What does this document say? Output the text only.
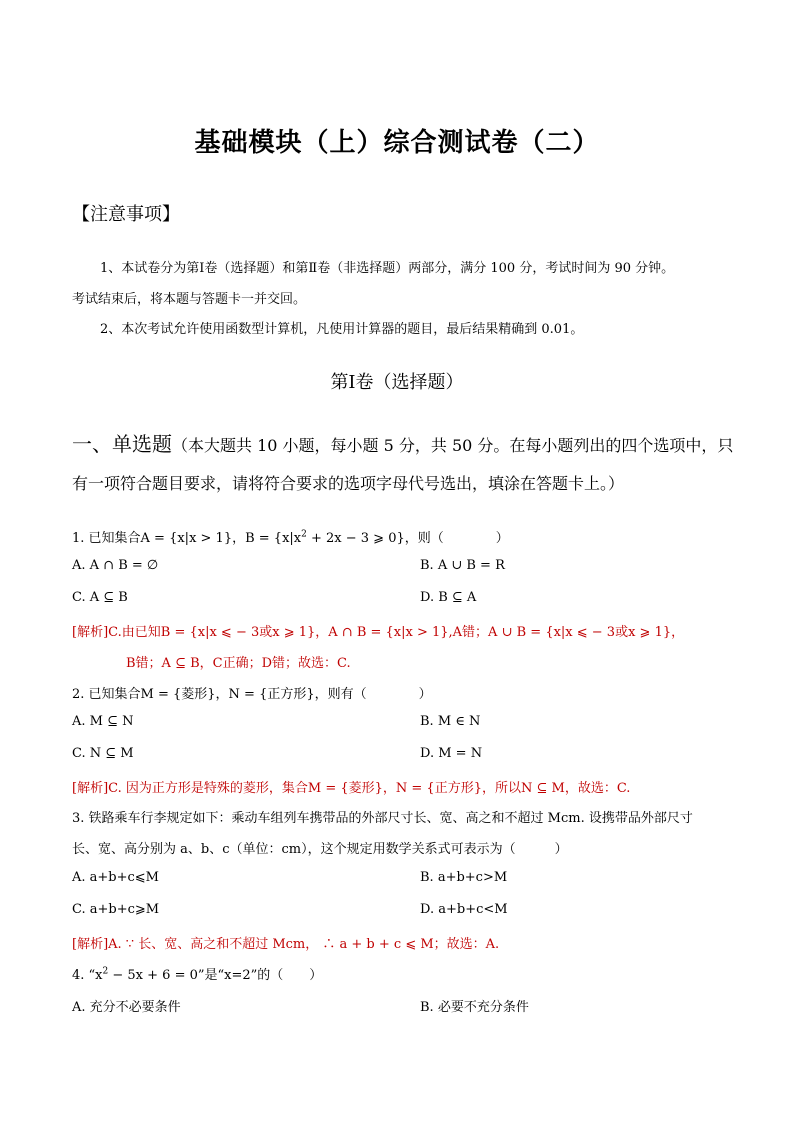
基础模块（上）综合测试卷（二）
【注意事项】
1、本试卷分为第Ⅰ卷（选择题）和第Ⅱ卷（非选择题）两部分，满分 100 分，考试时间为 90 分钟。
考试结束后，将本题与答题卡一并交回。
2、本次考试允许使用函数型计算机，凡使用计算器的题目，最后结果精确到 0.01。
第Ⅰ卷（选择题）
一、单选题（本大题共 10 小题，每小题 5 分，共 50 分。在每小题列出的四个选项中，只
有一项符合题目要求，请将符合要求的选项字母代号选出，填涂在答题卡上。）
1. 已知集合A = {x|x > 1}，$B = \{x|x^2 + 2x - 3$ ⩾ 0}，则（　　　　）
A. A ∩ B = ∅	B. A ∪ B = R
C. A ⊆ B	D. B ⊆ A
[解析]C.由已知B = {x|x ⩽ − 3或x ⩾ 1}，A ∩ B = {x|x > 1},A错；A ∪ B = {x|x ⩽ − 3或x ⩾ 1}，
B错；A ⊆ B，C正确；D错；故选：C.
2. 已知集合M = {菱形}，N = {正方形}，则有（　　　　）
A. M ⊆ N	B. M ∈ N
C. N ⊆ M	D. M = N
[解析]C. 因为正方形是特殊的菱形，集合M = {菱形}，N = {正方形}，所以N ⊆ M，故选：C.
3. 铁路乘车行李规定如下：乘动车组列车携带品的外部尺寸长、宽、高之和不超过 Mcm. 设携带品外部尺寸
长、宽、高分别为 a、b、c（单位：cm），这个规定用数学关系式可表示为（　　　）
A. a+b+c⩽M	B. a+b+c>M
C. a+b+c⩾M	D. a+b+c<M
[解析]A. ∵ 长、宽、高之和不超过 Mcm， ∴ a + b + c ⩽ M；故选：A.
4. “$x^2 - 5x + 6 = 0$”是“x=2”的（　　）
A. 充分不必要条件	B. 必要不充分条件
